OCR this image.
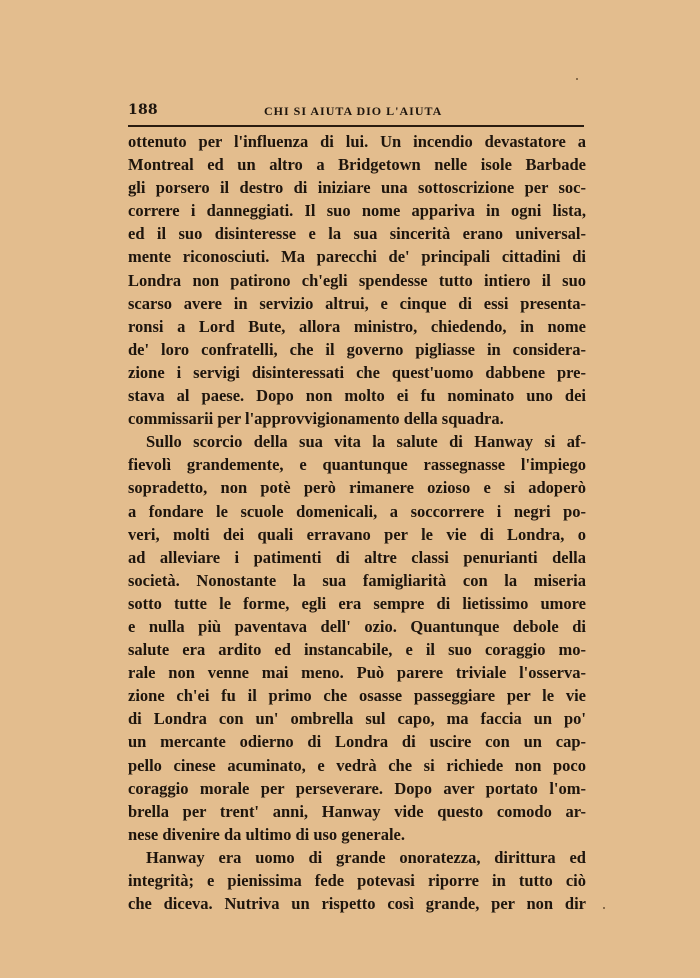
188	CHI SI AIUTA DIO L'AIUTA
ottenuto per l'influenza di lui. Un incendio devastatore a
Montreal ed un altro a Bridgetown nelle isole Barbade
gli porsero il destro di iniziare una sottoscrizione per soc-
correre i danneggiati. Il suo nome appariva in ogni lista,
ed il suo disinteresse e la sua sincerità erano universal-
mente riconosciuti. Ma parecchi de' principali cittadini di
Londra non patirono ch'egli spendesse tutto intiero il suo
scarso avere in servizio altrui, e cinque di essi presenta-
ronsi a Lord Bute, allora ministro, chiedendo, in nome
de' loro confratelli, che il governo pigliasse in considera-
zione i servigi disinteressati che quest'uomo dabbene pre-
stava al paese. Dopo non molto ei fu nominato uno dei
commissarii per l'approvvigionamento della squadra.
Sullo scorcio della sua vita la salute di Hanway si af-
fievolì grandemente, e quantunque rassegnasse l'impiego
sopradetto, non potè però rimanere ozioso e si adoperò
a fondare le scuole domenicali, a soccorrere i negri po-
veri, molti dei quali erravano per le vie di Londra, o
ad alleviare i patimenti di altre classi penurianti della
società. Nonostante la sua famigliarità con la miseria
sotto tutte le forme, egli era sempre di lietissimo umore
e nulla più paventava dell' ozio. Quantunque debole di
salute era ardito ed instancabile, e il suo coraggio mo-
rale non venne mai meno. Può parere triviale l'osserva-
zione ch'ei fu il primo che osasse passeggiare per le vie
di Londra con un' ombrella sul capo, ma faccia un po'
un mercante odierno di Londra di uscire con un cap-
pello cinese acuminato, e vedrà che si richiede non poco
coraggio morale per perseverare. Dopo aver portato l'om-
brella per trent' anni, Hanway vide questo comodo ar-
nese divenire da ultimo di uso generale.
Hanway era uomo di grande onoratezza, dirittura ed
integrità; e pienissima fede potevasi riporre in tutto ciò
che diceva. Nutriva un rispetto così grande, per non dir
